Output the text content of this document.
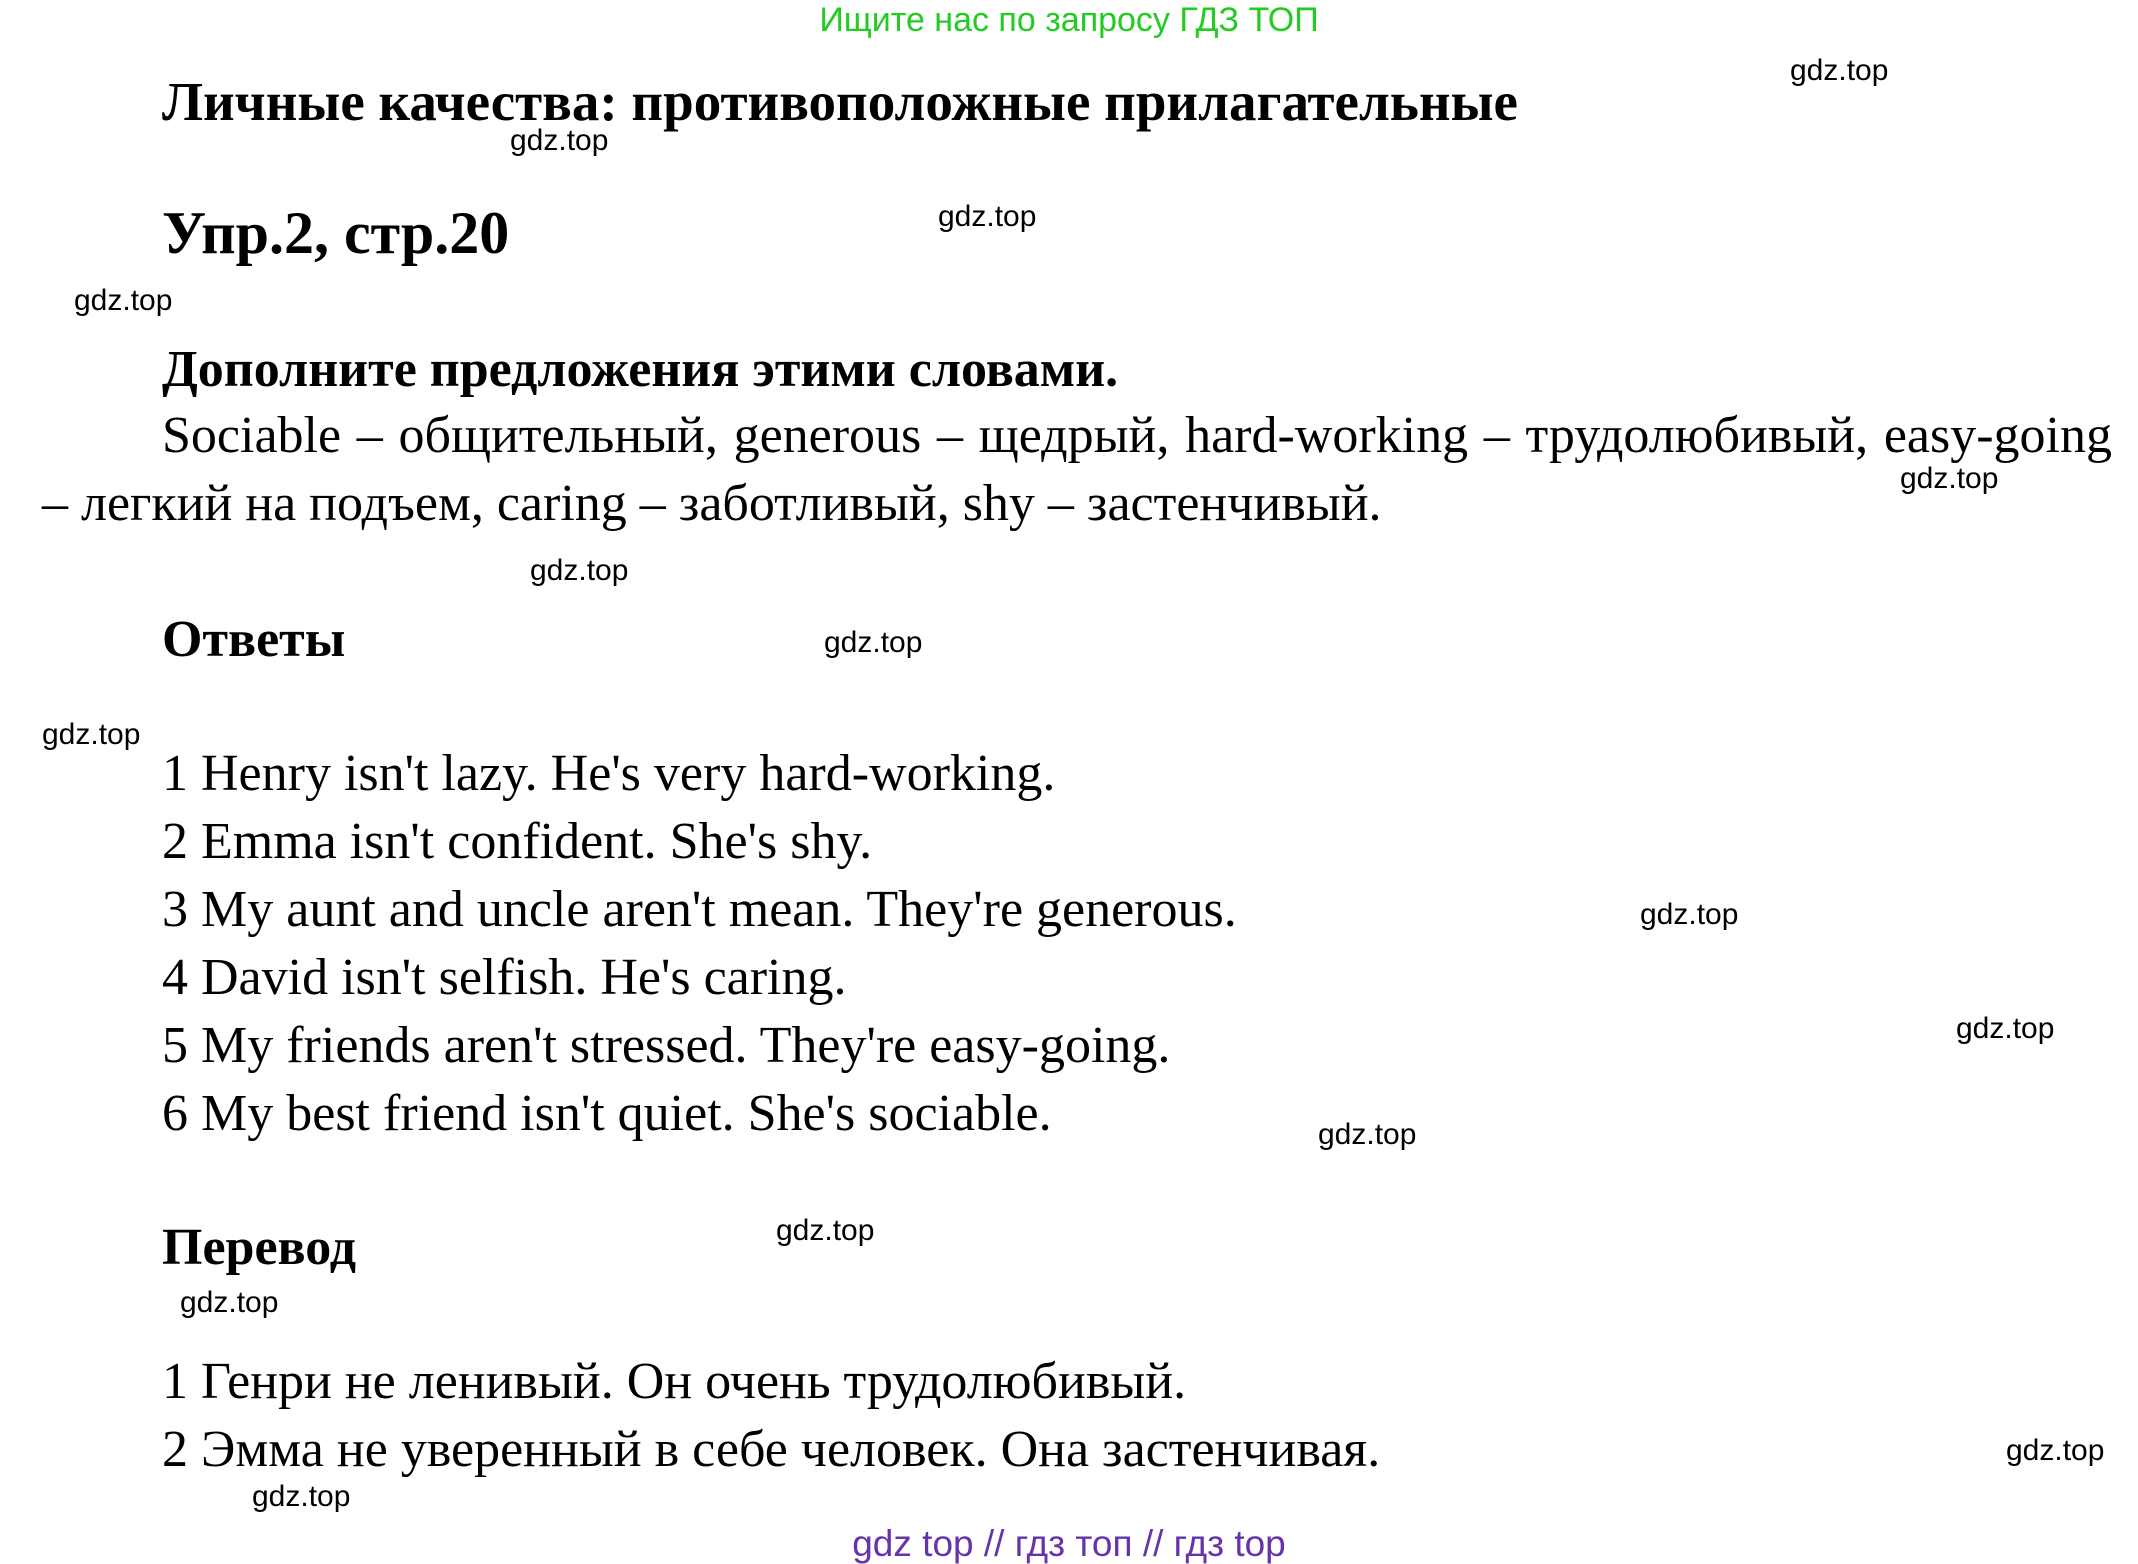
Ищите нас по запросу ГДЗ ТОП
Личные качества: противоположные прилагательные
Упр.2, стр.20
Дополните предложения этими словами.
Sociable – общительный, generous – щедрый, hard-working – трудолюбивый, easy-going – легкий на подъем, caring – заботливый, shy – застенчивый.
Ответы
1 Henry isn't lazy. He's very hard-working.
2 Emma isn't confident. She's shy.
3 My aunt and uncle aren't mean. They're generous.
4 David isn't selfish. He's caring.
5 My friends aren't stressed. They're easy-going.
6 My best friend isn't quiet. She's sociable.
Перевод
1 Генри не ленивый. Он очень трудолюбивый.
2 Эмма не уверенный в себе человек. Она застенчивая.
gdz.top
gdz.top
gdz.top
gdz.top
gdz.top
gdz.top
gdz.top
gdz.top
gdz.top
gdz.top
gdz.top
gdz.top
gdz.top
gdz.top
gdz.top
gdz top // гдз топ // гдз top
